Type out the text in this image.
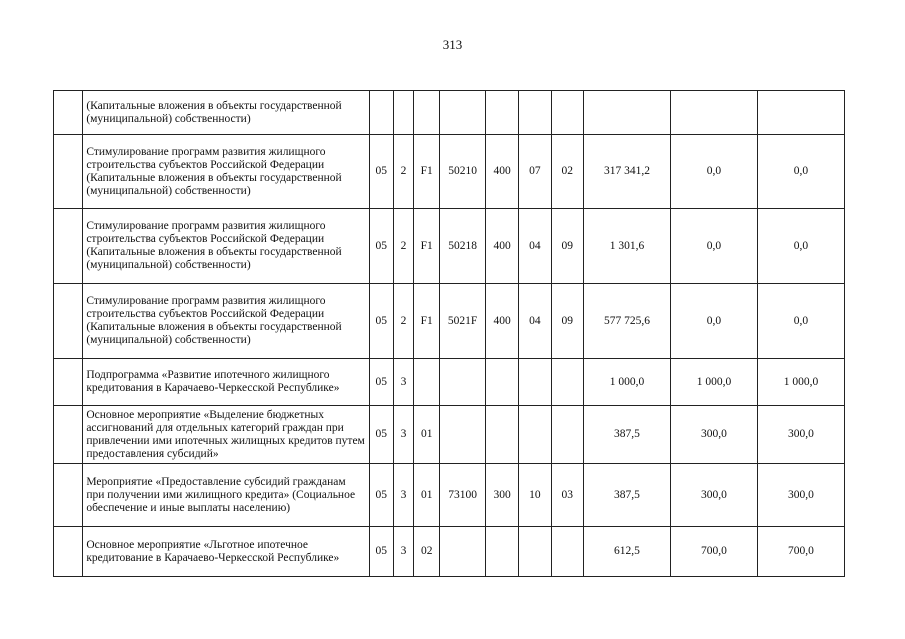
313
	(Капитальные вложения в объекты государственной (муниципальной) собственности)										
	Стимулирование программ развития жилищного строительства субъектов Российской Федерации (Капитальные вложения в объекты государственной (муниципальной) собственности)	05	2	F1	50210	400	07	02	317 341,2	0,0	0,0
	Стимулирование программ развития жилищного строительства субъектов Российской Федерации (Капитальные вложения в объекты государственной (муниципальной) собственности)	05	2	F1	50218	400	04	09	1 301,6	0,0	0,0
	Стимулирование программ развития жилищного строительства субъектов Российской Федерации (Капитальные вложения в объекты государственной (муниципальной) собственности)	05	2	F1	5021F	400	04	09	577 725,6	0,0	0,0
	Подпрограмма «Развитие ипотечного жилищного кредитования в Карачаево-Черкесской Республике»	05	3						1 000,0	1 000,0	1 000,0
	Основное мероприятие «Выделение бюджетных ассигнований для отдельных категорий граждан при привлечении ими ипотечных жилищных кредитов путем предоставления субсидий»	05	3	01					387,5	300,0	300,0
	Мероприятие «Предоставление субсидий гражданам при получении ими жилищного кредита» (Социальное обеспечение и иные выплаты населению)	05	3	01	73100	300	10	03	387,5	300,0	300,0
	Основное мероприятие «Льготное ипотечное кредитование в Карачаево-Черкесской Республике»	05	3	02					612,5	700,0	700,0
